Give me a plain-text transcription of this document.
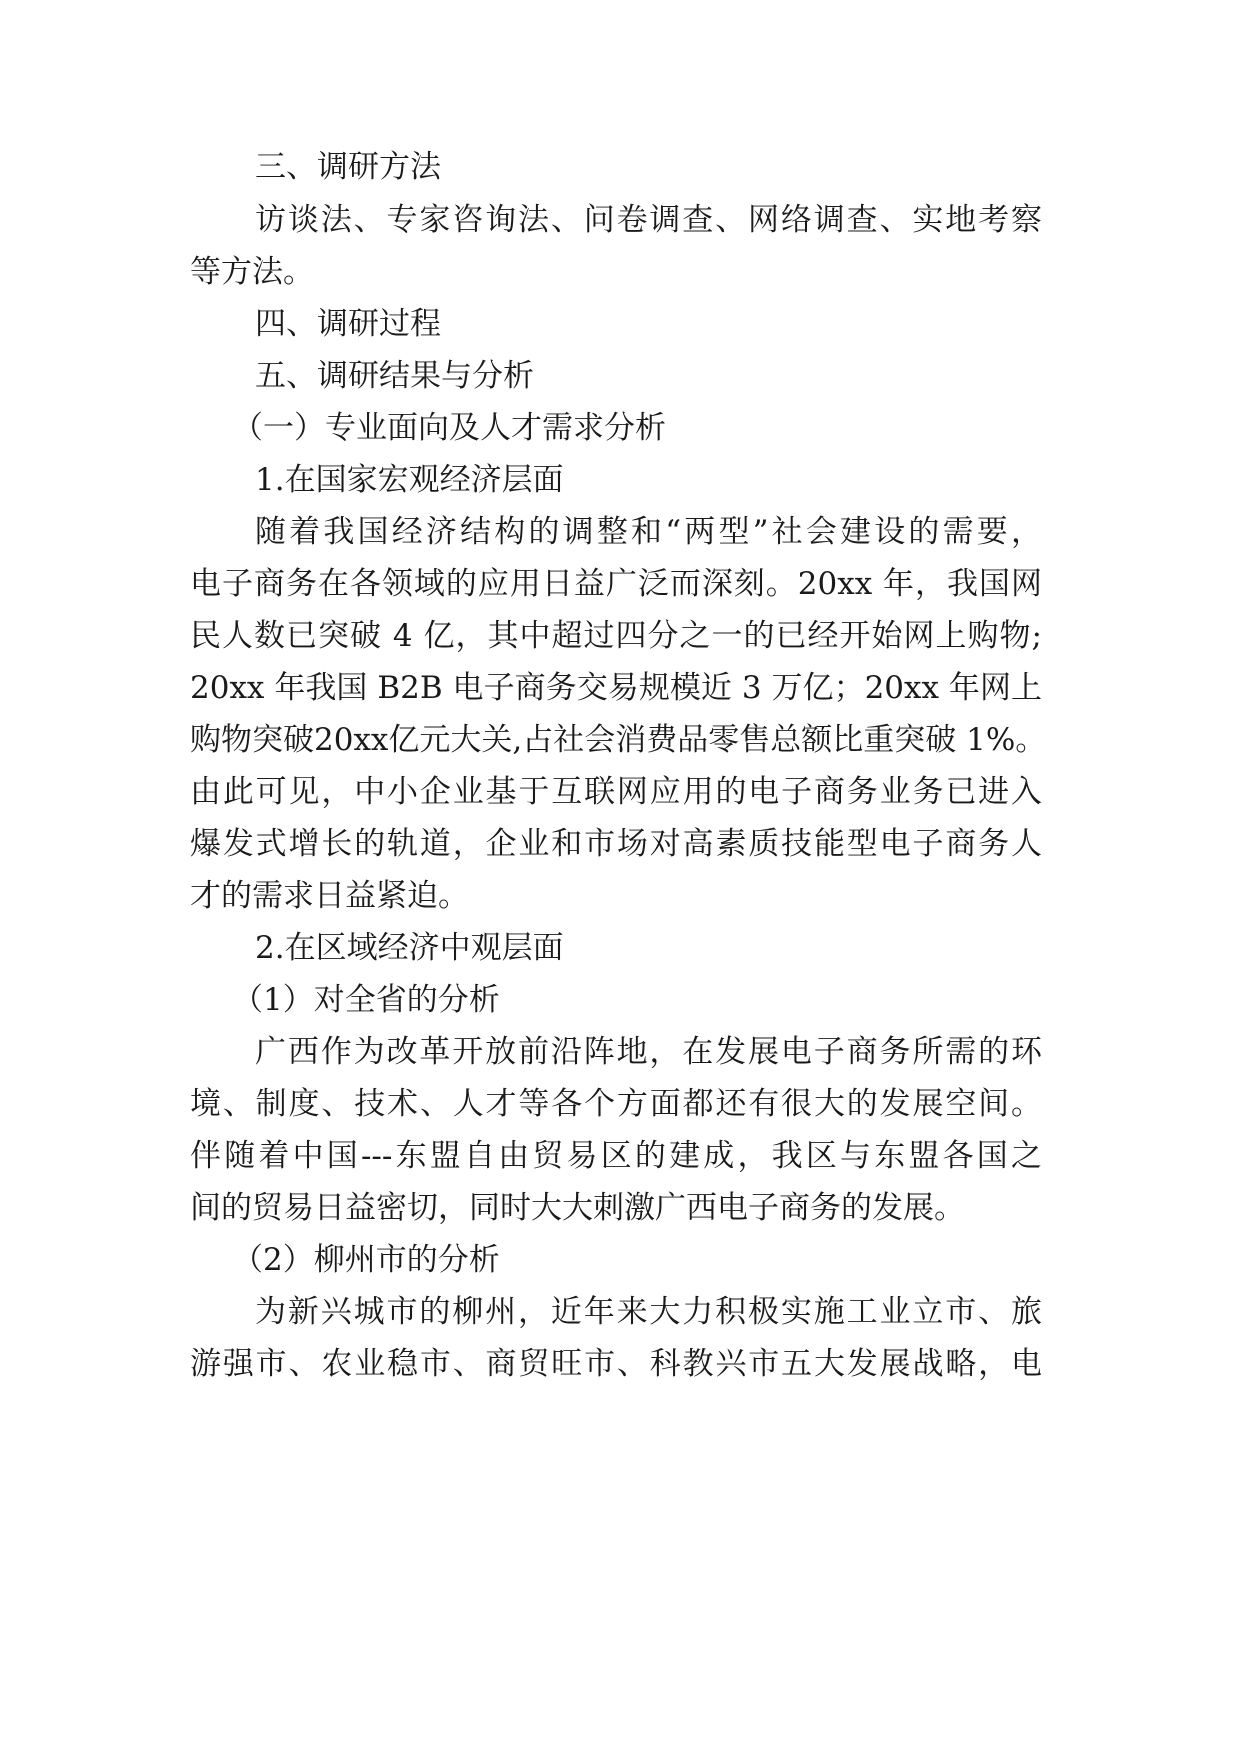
三、调研方法
访谈法、专家咨询法、问卷调查、网络调查、实地考察
等方法。
四、调研过程
五、调研结果与分析
（一）专业面向及人才需求分析
1.在国家宏观经济层面
随着我国经济结构的调整和“两型”社会建设的需要，
电子商务在各领域的应用日益广泛而深刻。20xx 年，我国网
民人数已突破 4 亿，其中超过四分之一的已经开始网上购物;
20xx 年我国 B2B 电子商务交易规模近 3 万亿；20xx 年网上
购物突破20xx亿元大关,占社会消费品零售总额比重突破 1%。
由此可见，中小企业基于互联网应用的电子商务业务已进入
爆发式增长的轨道，企业和市场对高素质技能型电子商务人
才的需求日益紧迫。
2.在区域经济中观层面
（1）对全省的分析
广西作为改革开放前沿阵地，在发展电子商务所需的环
境、制度、技术、人才等各个方面都还有很大的发展空间。
伴随着中国---东盟自由贸易区的建成，我区与东盟各国之
间的贸易日益密切，同时大大刺激广西电子商务的发展。
（2）柳州市的分析
为新兴城市的柳州，近年来大力积极实施工业立市、旅
游强市、农业稳市、商贸旺市、科教兴市五大发展战略，电
